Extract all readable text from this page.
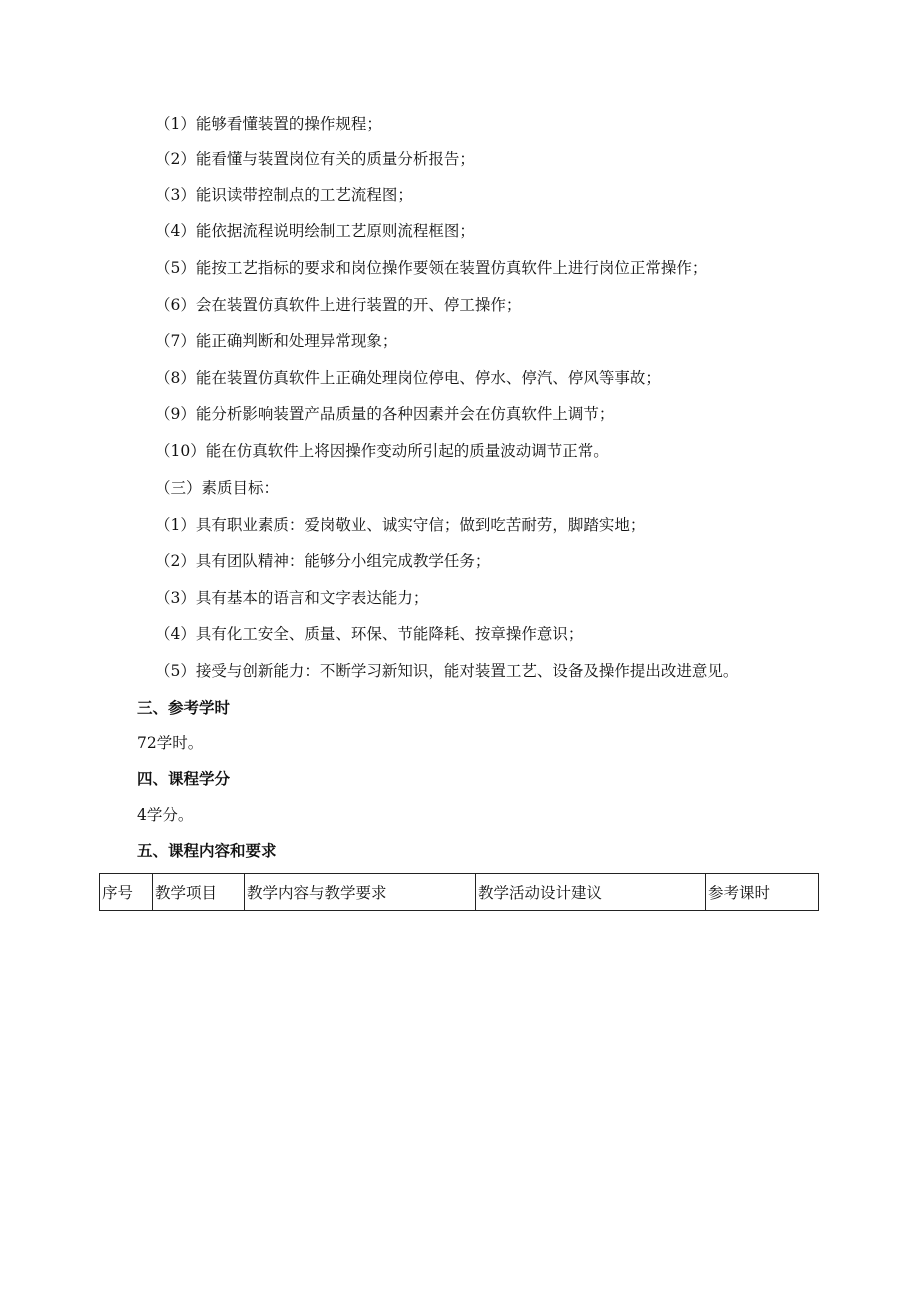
（1）能够看懂装置的操作规程；
（2）能看懂与装置岗位有关的质量分析报告；
（3）能识读带控制点的工艺流程图；
（4）能依据流程说明绘制工艺原则流程框图；
（5）能按工艺指标的要求和岗位操作要领在装置仿真软件上进行岗位正常操作；
（6）会在装置仿真软件上进行装置的开、停工操作；
（7）能正确判断和处理异常现象；
（8）能在装置仿真软件上正确处理岗位停电、停水、停汽、停风等事故；
（9）能分析影响装置产品质量的各种因素并会在仿真软件上调节；
（10）能在仿真软件上将因操作变动所引起的质量波动调节正常。
（三）素质目标：
（1）具有职业素质：爱岗敬业、诚实守信；做到吃苦耐劳，脚踏实地；
（2）具有团队精神：能够分小组完成教学任务；
（3）具有基本的语言和文字表达能力；
（4）具有化工安全、质量、环保、节能降耗、按章操作意识；
（5）接受与创新能力：不断学习新知识，能对装置工艺、设备及操作提出改进意见。
三、参考学时
72学时。
四、课程学分
4学分。
五、课程内容和要求
序号	教学项目	教学内容与教学要求	教学活动设计建议	参考课时
